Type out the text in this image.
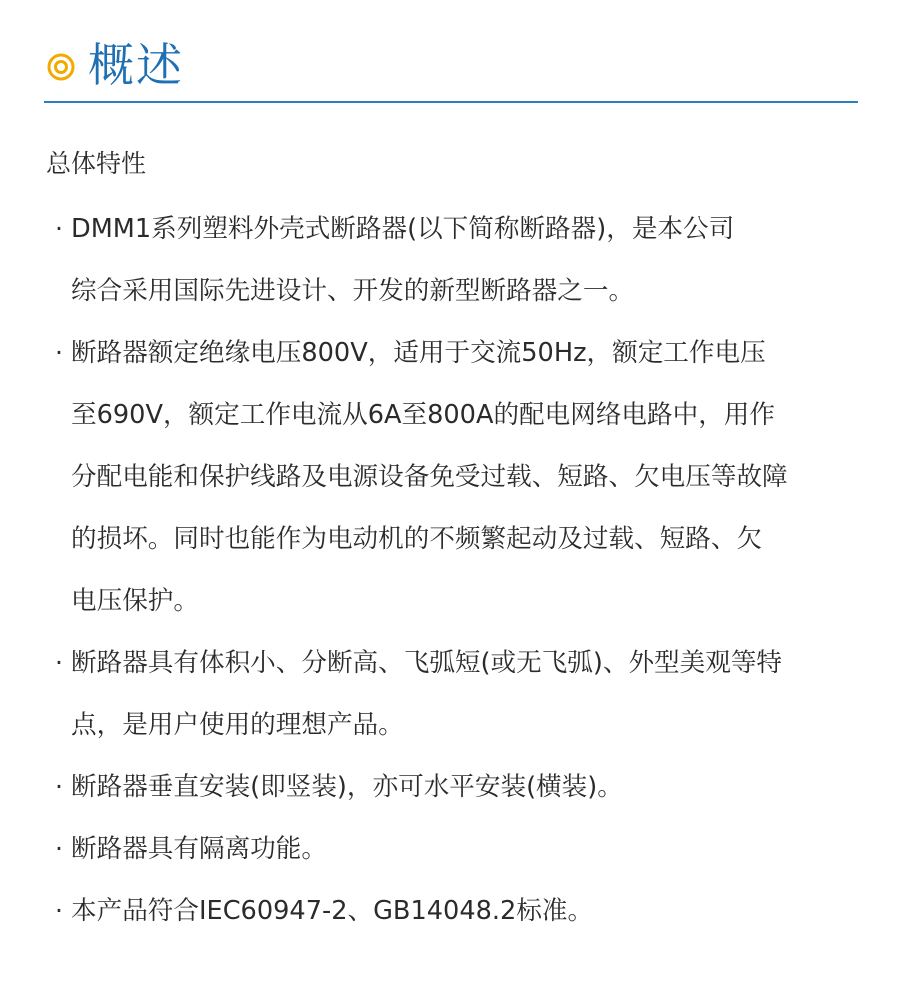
概述
总体特性
· DMM1系列塑料外壳式断路器(以下简称断路器)，是本公司
综合采用国际先进设计、开发的新型断路器之一。
· 断路器额定绝缘电压800V，适用于交流50Hz，额定工作电压
至690V，额定工作电流从6A至800A的配电网络电路中，用作
分配电能和保护线路及电源设备免受过载、短路、欠电压等故障
的损坏。同时也能作为电动机的不频繁起动及过载、短路、欠
电压保护。
· 断路器具有体积小、分断高、飞弧短(或无飞弧)、外型美观等特
点，是用户使用的理想产品。
· 断路器垂直安装(即竖装)，亦可水平安装(横装)。
· 断路器具有隔离功能。
· 本产品符合IEC60947-2、GB14048.2标准。
